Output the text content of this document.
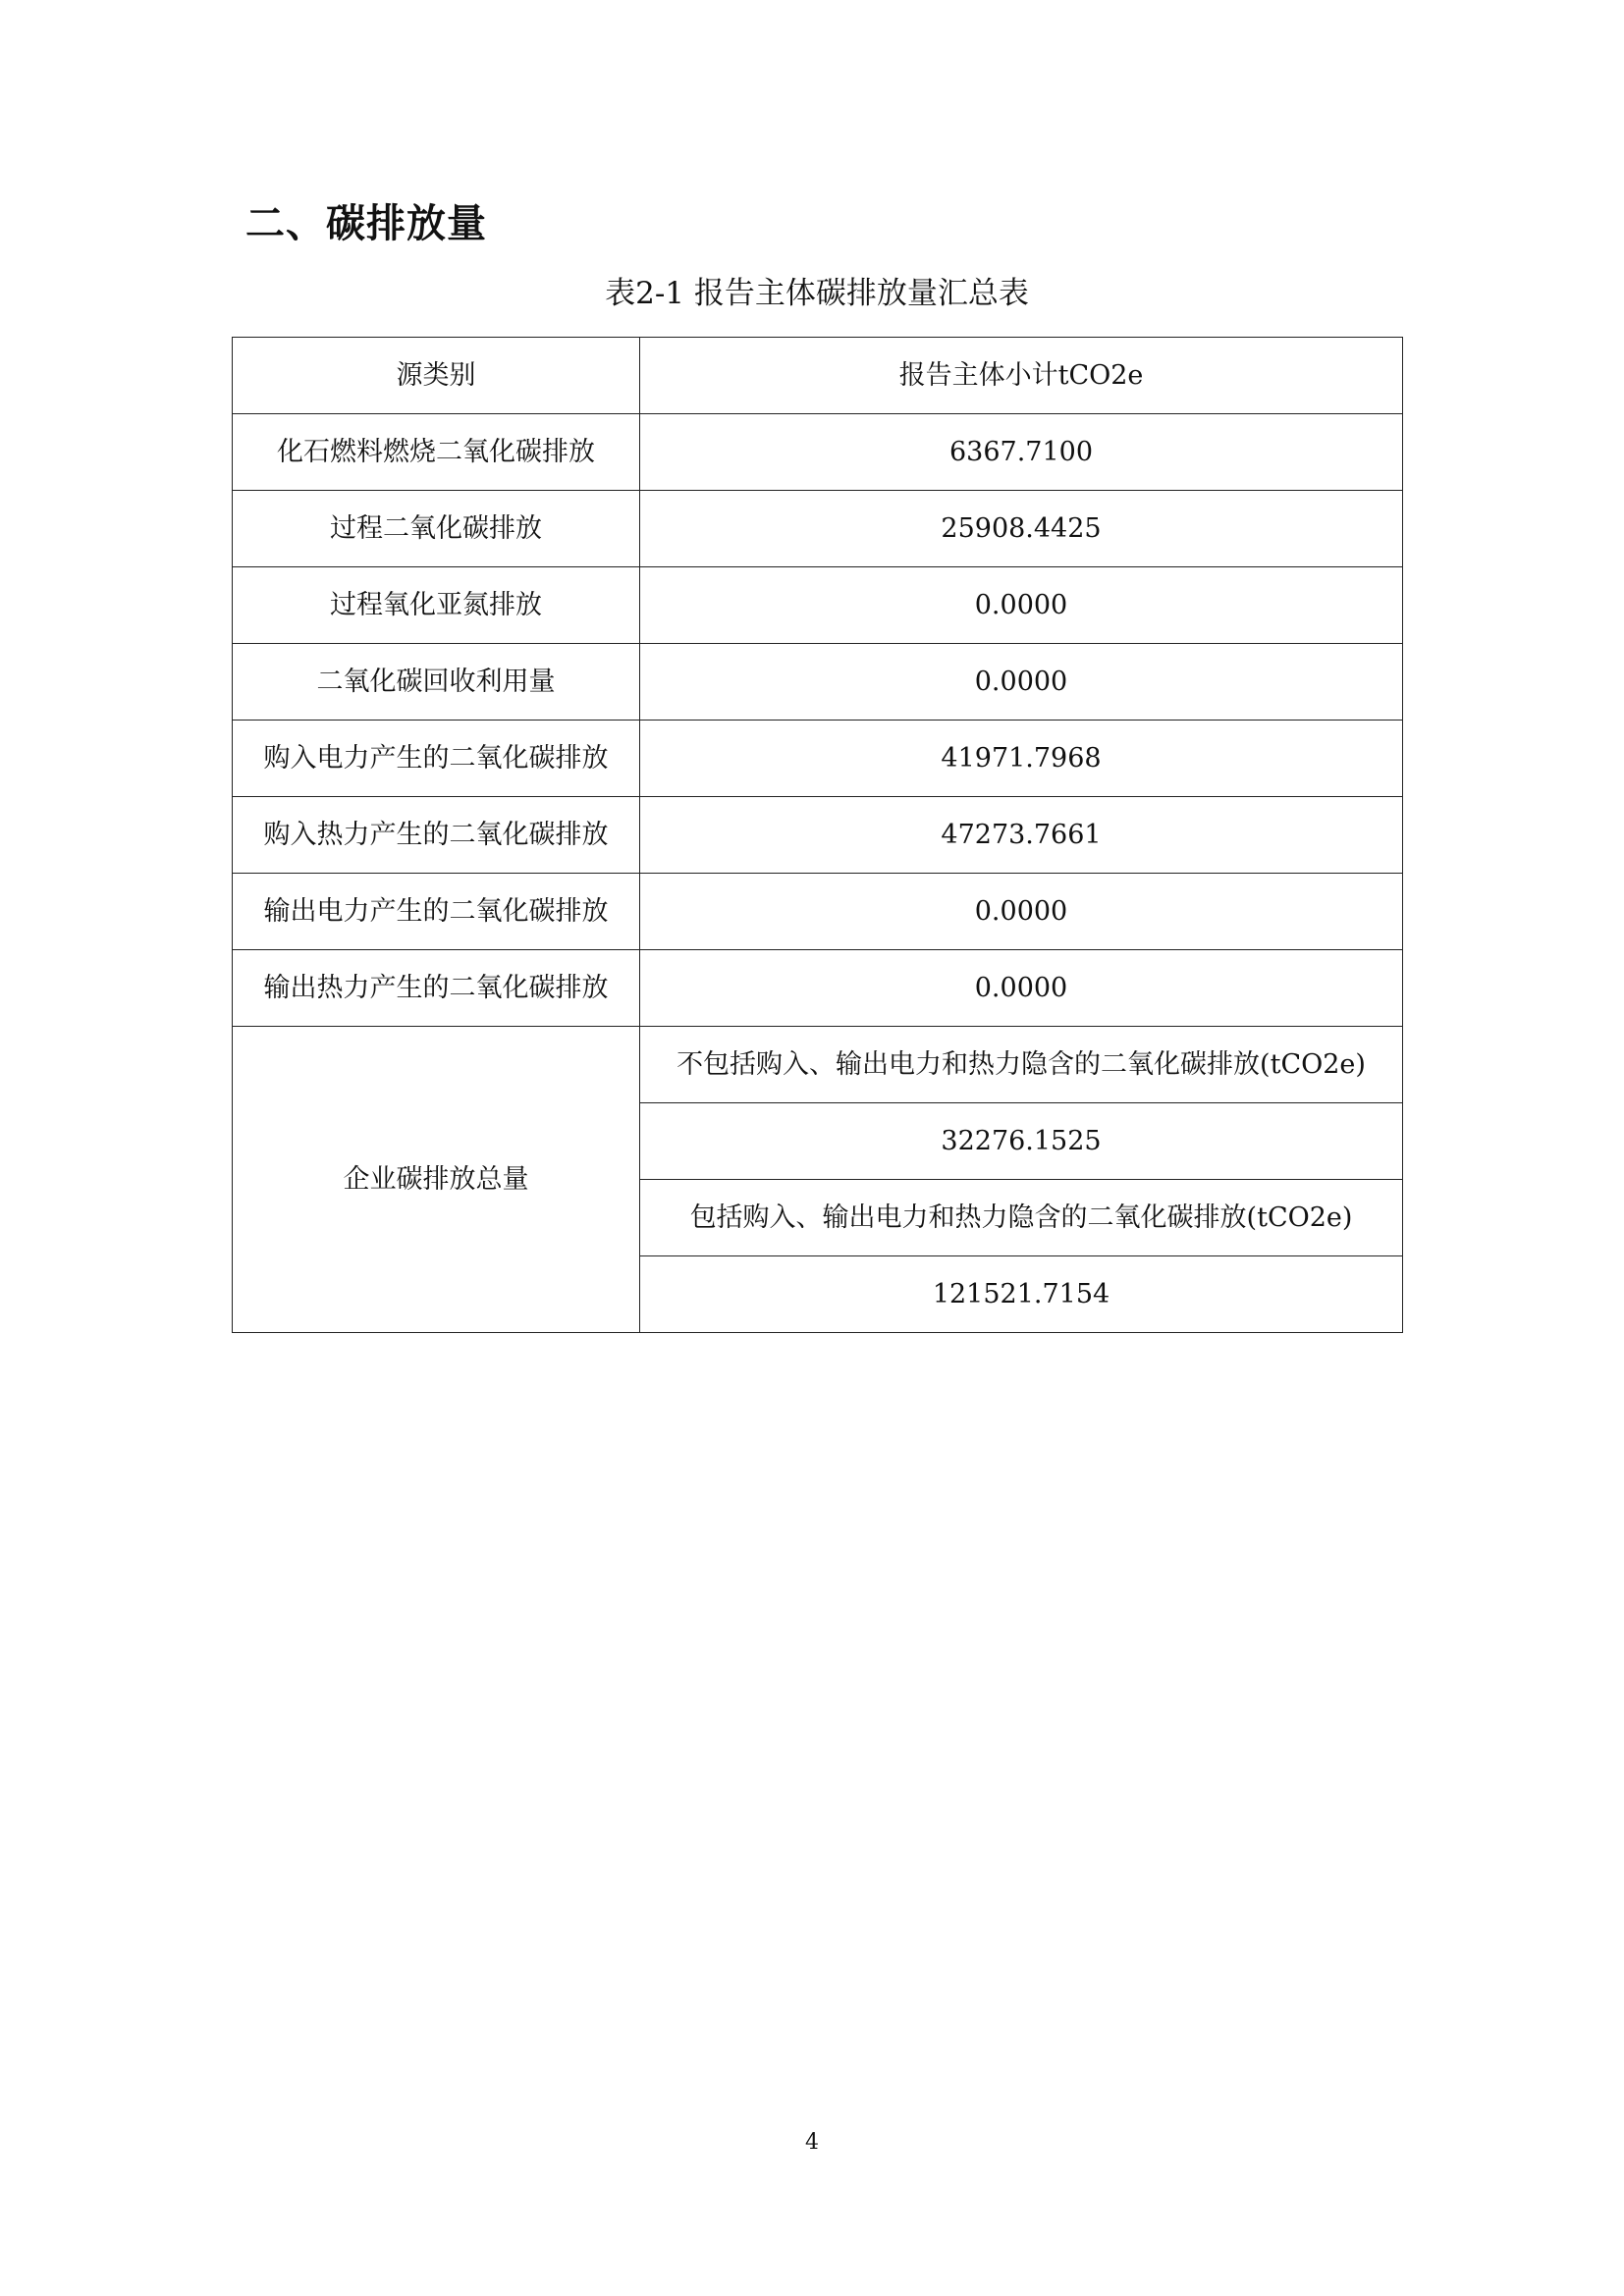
二、碳排放量
表2-1 报告主体碳排放量汇总表
源类别	报告主体小计tCO2e
化石燃料燃烧二氧化碳排放	6367.7100
过程二氧化碳排放	25908.4425
过程氧化亚氮排放	0.0000
二氧化碳回收利用量	0.0000
购入电力产生的二氧化碳排放	41971.7968
购入热力产生的二氧化碳排放	47273.7661
输出电力产生的二氧化碳排放	0.0000
输出热力产生的二氧化碳排放	0.0000
企业碳排放总量	不包括购入、输出电力和热力隐含的二氧化碳排放(tCO2e)
	32276.1525
	包括购入、输出电力和热力隐含的二氧化碳排放(tCO2e)
	121521.7154
4
